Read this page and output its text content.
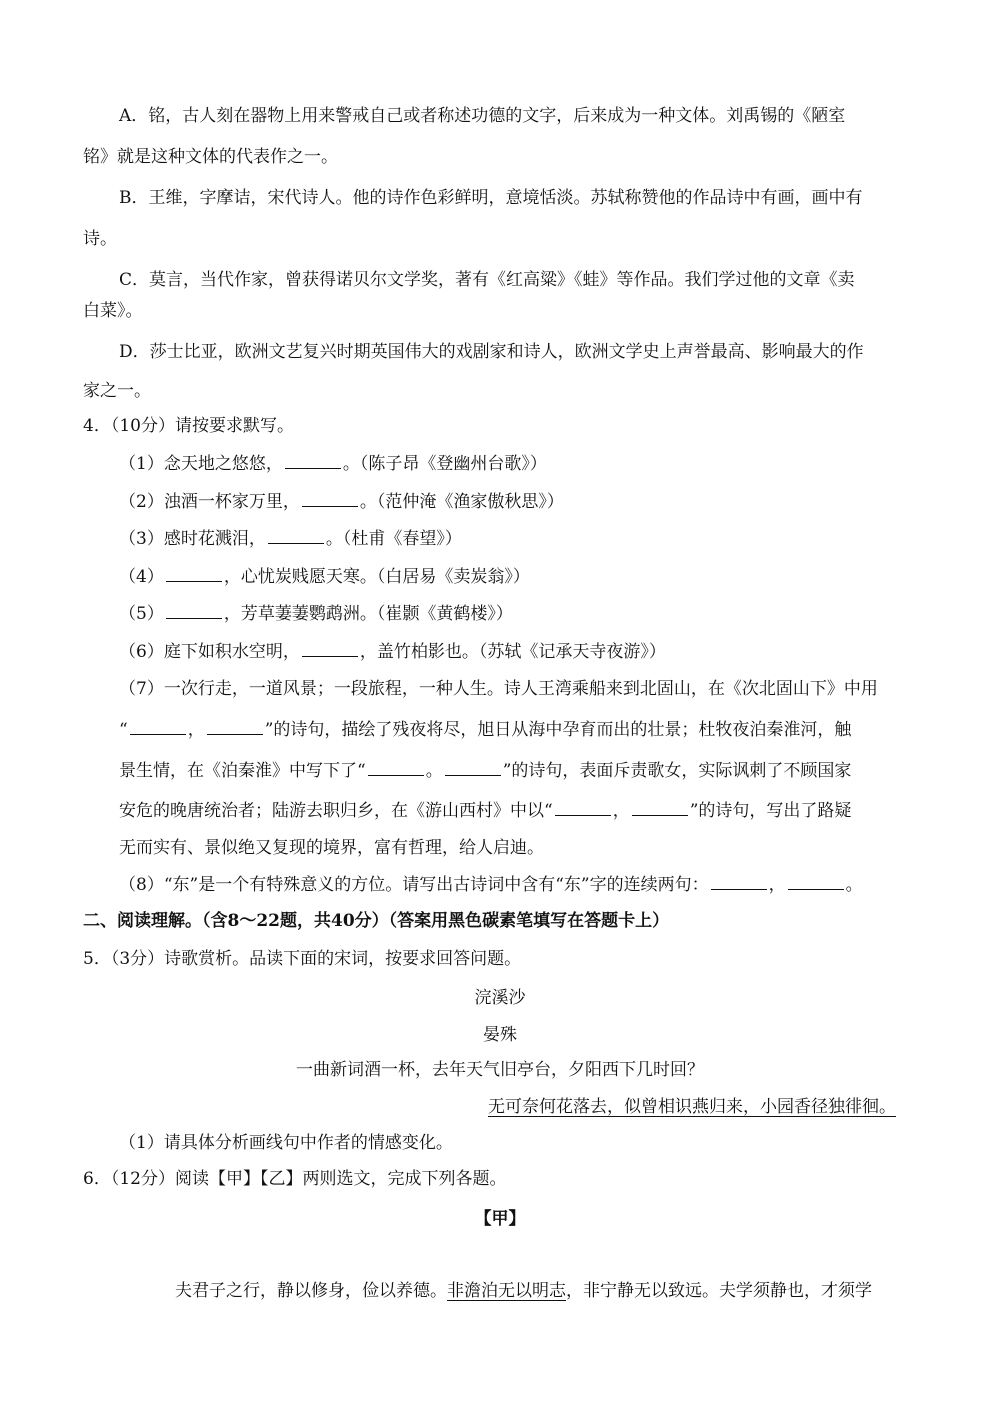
A．铭，古人刻在器物上用来警戒自己或者称述功德的文字，后来成为一种文体。刘禹锡的《陋室
铭》就是这种文体的代表作之一。
B．王维，字摩诘，宋代诗人。他的诗作色彩鲜明，意境恬淡。苏轼称赞他的作品诗中有画，画中有
诗。
C．莫言，当代作家，曾获得诺贝尔文学奖，著有《红高粱》《蛙》等作品。我们学过他的文章《卖
白菜》。
D．莎士比亚，欧洲文艺复兴时期英国伟大的戏剧家和诗人，欧洲文学史上声誉最高、影响最大的作
家之一。
4．（10分）请按要求默写。
（1）念天地之悠悠，	。（陈子昂《登幽州台歌》）
（2）浊酒一杯家万里，	。（范仲淹《渔家傲秋思》）
（3）感时花溅泪，	。（杜甫《春望》）
（4）	，心忧炭贱愿天寒。（白居易《卖炭翁》）
（5）	，芳草萋萋鹦鹉洲。（崔颢《黄鹤楼》）
（6）庭下如积水空明，	，盖竹柏影也。（苏轼《记承天寺夜游》）
（7）一次行走，一道风景；一段旅程，一种人生。诗人王湾乘船来到北固山，在《次北固山下》中用
“	，	”的诗句，描绘了残夜将尽，旭日从海中孕育而出的壮景；杜牧夜泊秦淮河，触
景生情，在《泊秦淮》中写下了“	。	”的诗句，表面斥责歌女，实际讽刺了不顾国家
安危的晚唐统治者；陆游去职归乡，在《游山西村》中以“	，	”的诗句，写出了路疑
无而实有、景似绝又复现的境界，富有哲理，给人启迪。
（8）“东”是一个有特殊意义的方位。请写出古诗词中含有“东”字的连续两句：	，	。
二、阅读理解。（含8～22题，共40分）（答案用黑色碳素笔填写在答题卡上）
5．（3分）诗歌赏析。品读下面的宋词，按要求回答问题。
浣溪沙
晏殊
一曲新词酒一杯，去年天气旧亭台，夕阳西下几时回？
无可奈何花落去，似曾相识燕归来，小园香径独徘徊。
（1）请具体分析画线句中作者的情感变化。
6．（12分）阅读【甲】【乙】两则选文，完成下列各题。
【甲】
夫君子之行，静以修身，俭以养德。非澹泊无以明志，非宁静无以致远。夫学须静也，才须学
